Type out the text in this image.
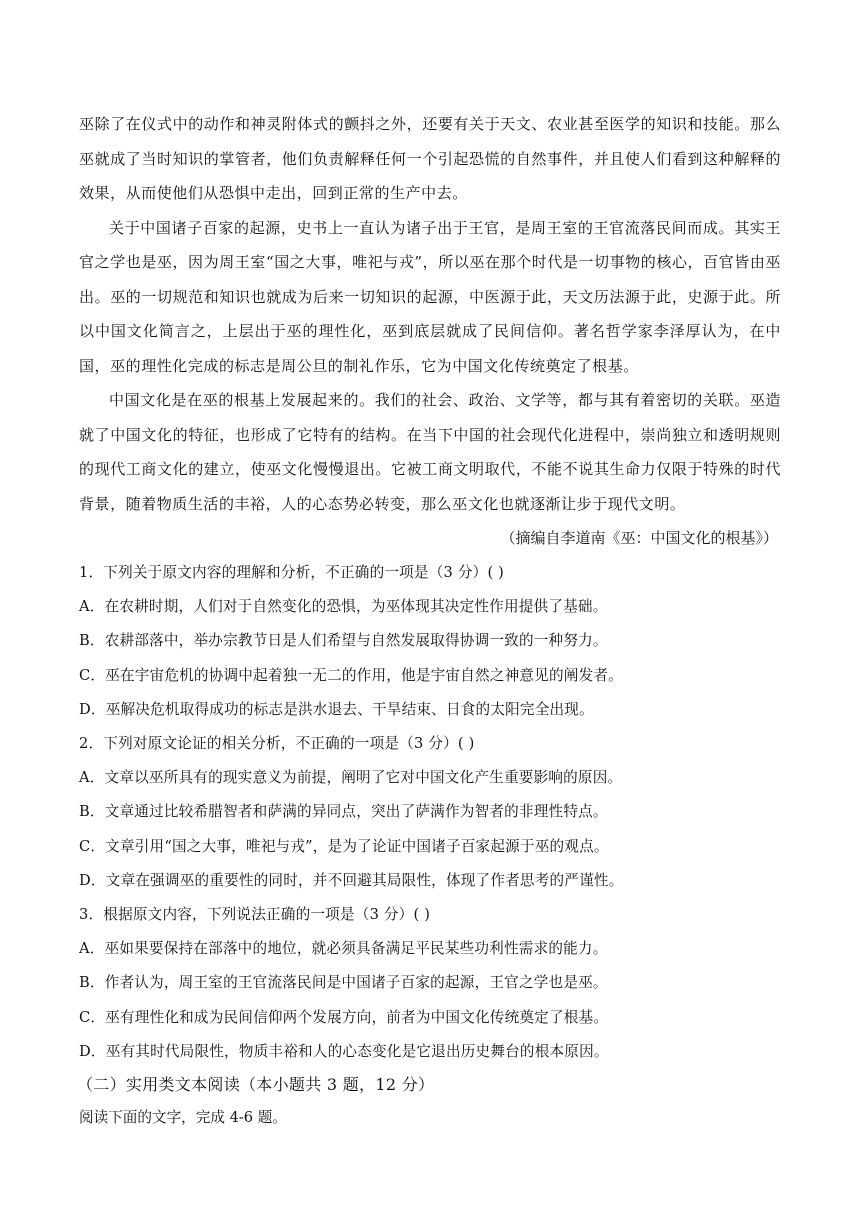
巫除了在仪式中的动作和神灵附体式的颤抖之外，还要有关于天文、农业甚至医学的知识和技能。那么巫就成了当时知识的掌管者，他们负责解释任何一个引起恐慌的自然事件，并且使人们看到这种解释的效果，从而使他们从恐惧中走出，回到正常的生产中去。

关于中国诸子百家的起源，史书上一直认为诸子出于王官，是周王室的王官流落民间而成。其实王官之学也是巫，因为周王室“国之大事，唯祀与戎”，所以巫在那个时代是一切事物的核心，百官皆由巫出。巫的一切规范和知识也就成为后来一切知识的起源，中医源于此，天文历法源于此，史源于此。所以中国文化简言之，上层出于巫的理性化，巫到底层就成了民间信仰。著名哲学家李泽厚认为，在中国，巫的理性化完成的标志是周公旦的制礼作乐，它为中国文化传统奠定了根基。

中国文化是在巫的根基上发展起来的。我们的社会、政治、文学等，都与其有着密切的关联。巫造就了中国文化的特征，也形成了它特有的结构。在当下中国的社会现代化进程中，崇尚独立和透明规则的现代工商文化的建立，使巫文化慢慢退出。它被工商文明取代，不能不说其生命力仅限于特殊的时代背景，随着物质生活的丰裕，人的心态势必转变，那么巫文化也就逐渐让步于现代文明。

（摘编自李道南《巫：中国文化的根基》）

1．下列关于原文内容的理解和分析，不正确的一项是（3 分）( )

A．在农耕时期，人们对于自然变化的恐惧，为巫体现其决定性作用提供了基础。

B．农耕部落中，举办宗教节日是人们希望与自然发展取得协调一致的一种努力。

C．巫在宇宙危机的协调中起着独一无二的作用，他是宇宙自然之神意见的阐发者。

D．巫解决危机取得成功的标志是洪水退去、干旱结束、日食的太阳完全出现。

2．下列对原文论证的相关分析，不正确的一项是（3 分）( )

A．文章以巫所具有的现实意义为前提，阐明了它对中国文化产生重要影响的原因。

B．文章通过比较希腊智者和萨满的异同点，突出了萨满作为智者的非理性特点。

C．文章引用“国之大事，唯祀与戎”，是为了论证中国诸子百家起源于巫的观点。

D．文章在强调巫的重要性的同时，并不回避其局限性，体现了作者思考的严谨性。

3．根据原文内容，下列说法正确的一项是（3 分）( )

A．巫如果要保持在部落中的地位，就必须具备满足平民某些功利性需求的能力。

B．作者认为，周王室的王官流落民间是中国诸子百家的起源，王官之学也是巫。

C．巫有理性化和成为民间信仰两个发展方向，前者为中国文化传统奠定了根基。

D．巫有其时代局限性，物质丰裕和人的心态变化是它退出历史舞台的根本原因。

（二）实用类文本阅读（本小题共 3 题，12 分）

阅读下面的文字，完成 4-6 题。
